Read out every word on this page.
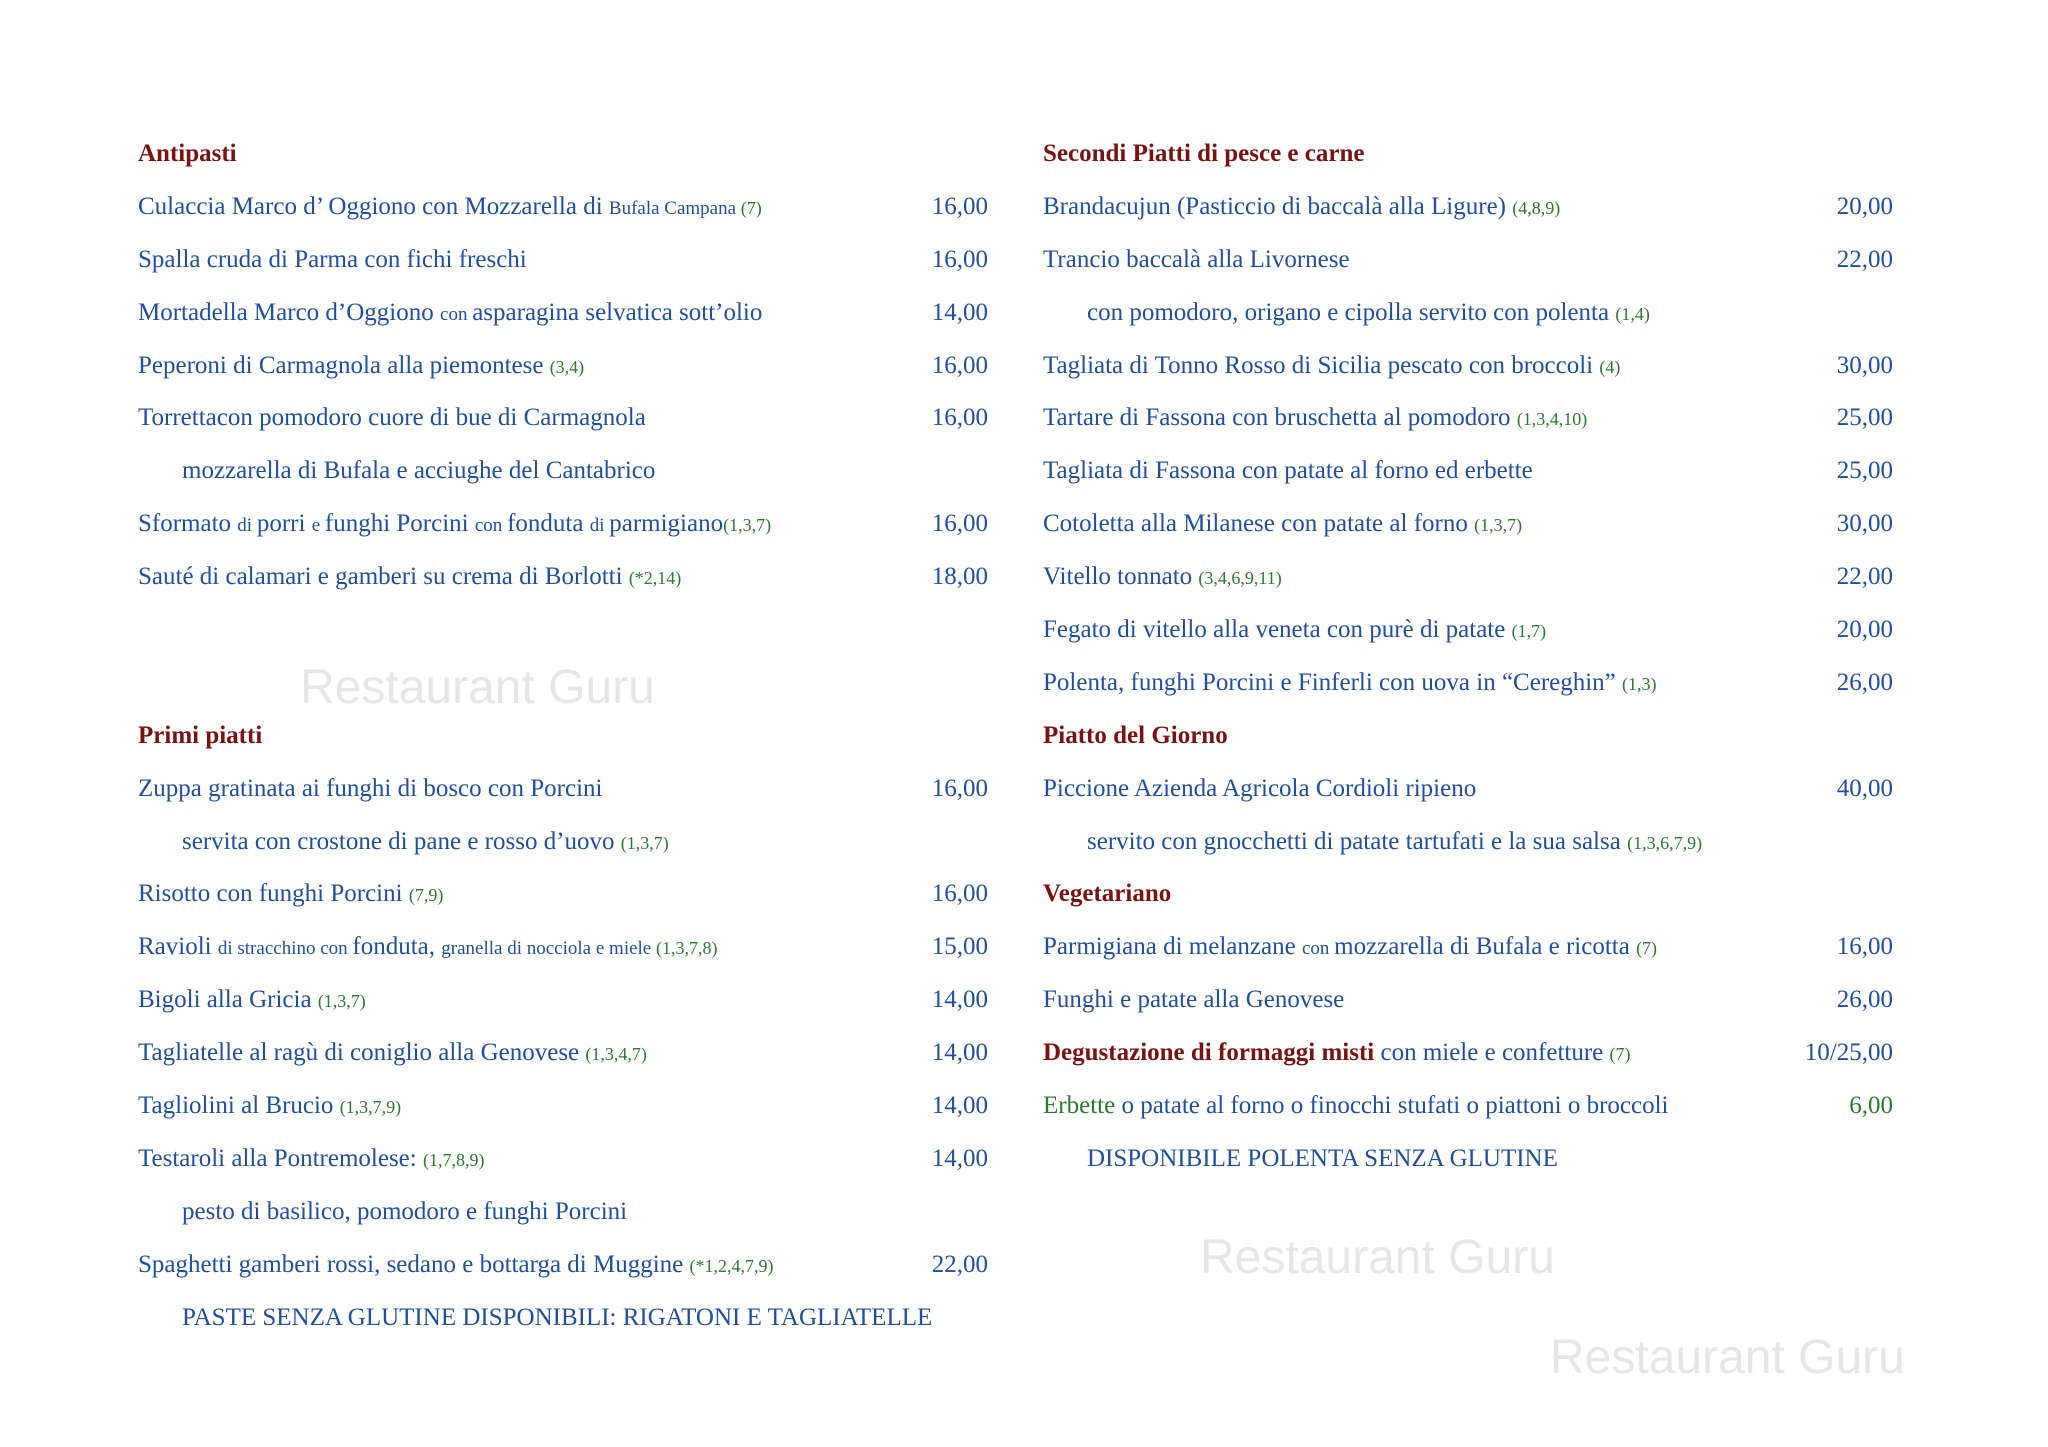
Restaurant Guru
Restaurant Guru
Restaurant Guru
Antipasti
Culaccia Marco d’ Oggiono con Mozzarella di Bufala Campana (7)	16,00
Spalla cruda di Parma con fichi freschi	16,00
Mortadella Marco d’Oggiono con asparagina selvatica sott’olio	14,00
Peperoni di Carmagnola alla piemontese (3,4)	16,00
Torrettacon pomodoro cuore di bue di Carmagnola	16,00
mozzarella di Bufala e acciughe del Cantabrico
Sformato di porri e funghi Porcini con fonduta di parmigiano(1,3,7)	16,00
Sauté di calamari e gamberi su crema di Borlotti (*2,14)	18,00
Primi piatti
Zuppa gratinata ai funghi di bosco con Porcini	16,00
servita con crostone di pane e rosso d’uovo (1,3,7)
Risotto con funghi Porcini (7,9)	16,00
Ravioli di stracchino con fonduta, granella di nocciola e miele (1,3,7,8)	15,00
Bigoli alla Gricia (1,3,7)	14,00
Tagliatelle al ragù di coniglio alla Genovese (1,3,4,7)	14,00
Tagliolini al Brucio (1,3,7,9)	14,00
Testaroli alla Pontremolese: (1,7,8,9)	14,00
pesto di basilico, pomodoro e funghi Porcini
Spaghetti gamberi rossi, sedano e bottarga di Muggine (*1,2,4,7,9)	22,00
PASTE SENZA GLUTINE DISPONIBILI: RIGATONI E TAGLIATELLE
Secondi Piatti di pesce e carne
Brandacujun (Pasticcio di baccalà alla Ligure) (4,8,9)	20,00
Trancio baccalà alla Livornese	22,00
con pomodoro, origano e cipolla servito con polenta (1,4)
Tagliata di Tonno Rosso di Sicilia pescato con broccoli (4)	30,00
Tartare di Fassona con bruschetta al pomodoro (1,3,4,10)	25,00
Tagliata di Fassona con patate al forno ed erbette	25,00
Cotoletta alla Milanese con patate al forno (1,3,7)	30,00
Vitello tonnato (3,4,6,9,11)	22,00
Fegato di vitello alla veneta con purè di patate (1,7)	20,00
Polenta, funghi Porcini e Finferli con uova in “Cereghin” (1,3)	26,00
Piatto del Giorno
Piccione Azienda Agricola Cordioli ripieno	40,00
servito con gnocchetti di patate tartufati e la sua salsa (1,3,6,7,9)
Vegetariano
Parmigiana di melanzane con mozzarella di Bufala e ricotta (7)	16,00
Funghi e patate alla Genovese	26,00
Degustazione di formaggi misti con miele e confetture (7)	10/25,00
Erbette o patate al forno o finocchi stufati o piattoni o broccoli	6,00
DISPONIBILE POLENTA SENZA GLUTINE
